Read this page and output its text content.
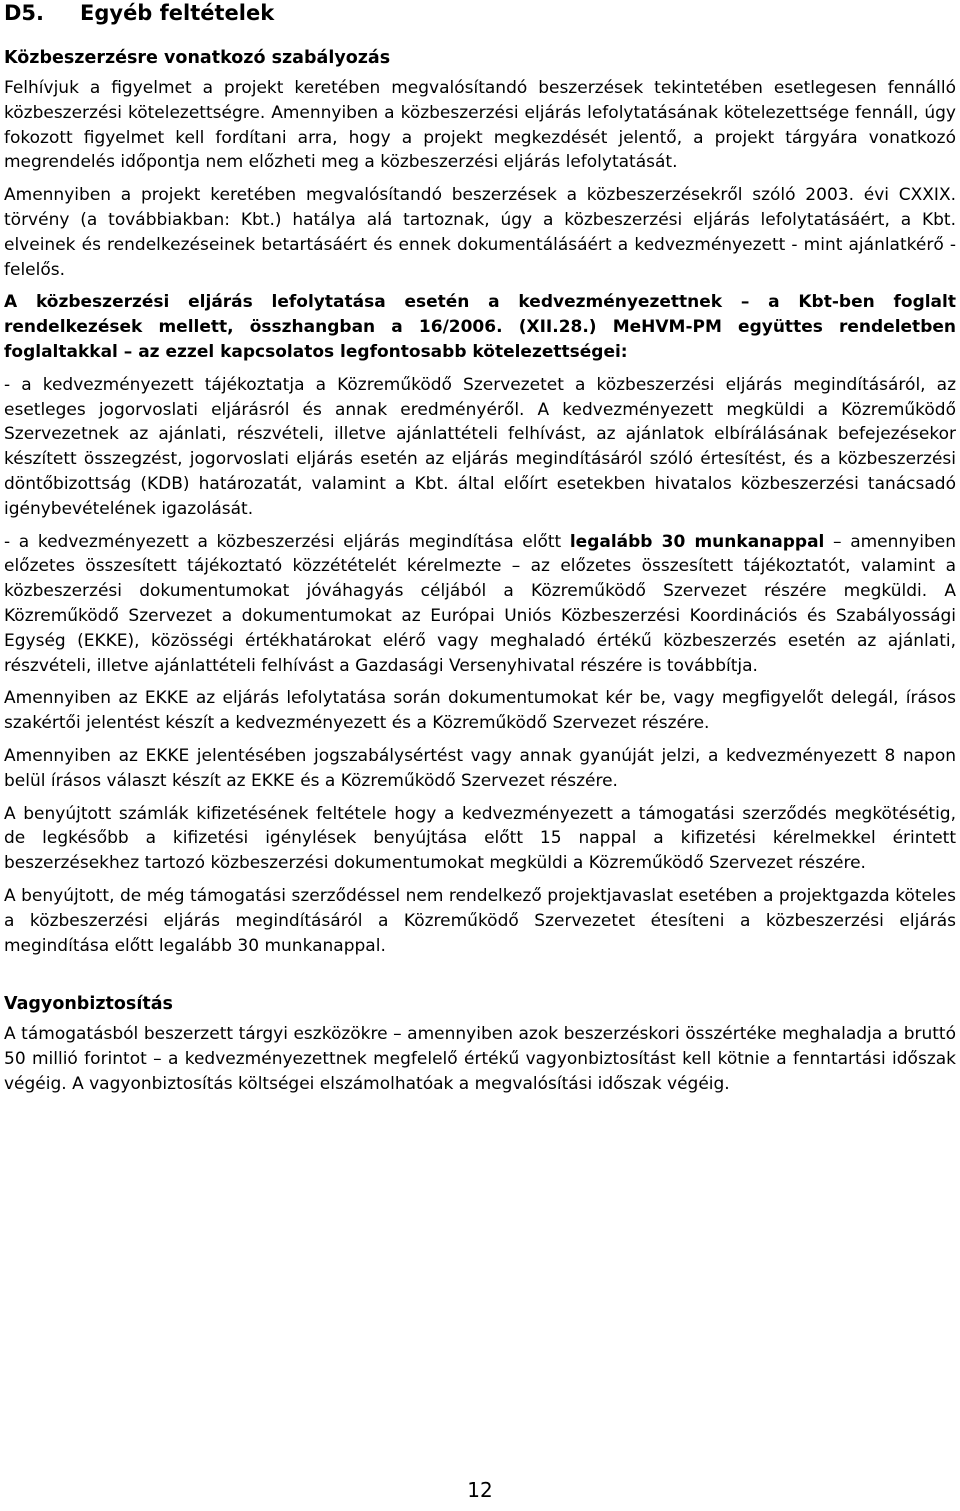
D5.	Egyéb feltételek
Közbeszerzésre vonatkozó szabályozás

Felhívjuk a figyelmet a projekt keretében megvalósítandó beszerzések tekintetében esetlegesen fennálló közbeszerzési kötelezettségre. Amennyiben a közbeszerzési eljárás lefolytatásának kötelezettsége fennáll, úgy fokozott figyelmet kell fordítani arra, hogy a projekt megkezdését jelentő, a projekt tárgyára vonatkozó megrendelés időpontja nem előzheti meg a közbeszerzési eljárás lefolytatását.

Amennyiben a projekt keretében megvalósítandó beszerzések a közbeszerzésekről szóló 2003. évi CXXIX. törvény (a továbbiakban: Kbt.) hatálya alá tartoznak, úgy a közbeszerzési eljárás lefolytatásáért, a Kbt. elveinek és rendelkezéseinek betartásáért és ennek dokumentálásáért a kedvezményezett - mint ajánlatkérő - felelős.

A közbeszerzési eljárás lefolytatása esetén a kedvezményezettnek – a Kbt-ben foglalt rendelkezések mellett, összhangban a 16/2006. (XII.28.) MeHVM-PM együttes rendeletben foglaltakkal – az ezzel kapcsolatos legfontosabb kötelezettségei:

- a kedvezményezett tájékoztatja a Közreműködő Szervezetet a közbeszerzési eljárás megindításáról, az esetleges jogorvoslati eljárásról és annak eredményéről. A kedvezményezett megküldi a Közreműködő Szervezetnek az ajánlati, részvételi, illetve ajánlattételi felhívást, az ajánlatok elbírálásának befejezésekor készített összegzést, jogorvoslati eljárás esetén az eljárás megindításáról szóló értesítést, és a közbeszerzési döntőbizottság (KDB) határozatát, valamint a Kbt. által előírt esetekben hivatalos közbeszerzési tanácsadó igénybevételének igazolását.

- a kedvezményezett a közbeszerzési eljárás megindítása előtt legalább 30 munkanappal – amennyiben előzetes összesített tájékoztató közzétételét kérelmezte – az előzetes összesített tájékoztatót, valamint a közbeszerzési dokumentumokat jóváhagyás céljából a Közreműködő Szervezet részére megküldi. A Közreműködő Szervezet a dokumentumokat az Európai Uniós Közbeszerzési Koordinációs és Szabályossági Egység (EKKE), közösségi értékhatárokat elérő vagy meghaladó értékű közbeszerzés esetén az ajánlati, részvételi, illetve ajánlattételi felhívást a Gazdasági Versenyhivatal részére is továbbítja.

Amennyiben az EKKE az eljárás lefolytatása során dokumentumokat kér be, vagy megfigyelőt delegál, írásos szakértői jelentést készít a kedvezményezett és a Közreműködő Szervezet részére.

Amennyiben az EKKE jelentésében jogszabálysértést vagy annak gyanúját jelzi, a kedvezményezett 8 napon belül írásos választ készít az EKKE és a Közreműködő Szervezet részére.

A benyújtott számlák kifizetésének feltétele hogy a kedvezményezett a támogatási szerződés megkötésétig, de legkésőbb a kifizetési igénylések benyújtása előtt 15 nappal a kifizetési kérelmekkel érintett beszerzésekhez tartozó közbeszerzési dokumentumokat megküldi a Közreműködő Szervezet részére.

A benyújtott, de még támogatási szerződéssel nem rendelkező projektjavaslat esetében a projektgazda köteles a közbeszerzési eljárás megindításáról a Közreműködő Szervezetet étesíteni a közbeszerzési eljárás megindítása előtt legalább 30 munkanappal.

Vagyonbiztosítás

A támogatásból beszerzett tárgyi eszközökre – amennyiben azok beszerzéskori összértéke meghaladja a bruttó 50 millió forintot – a kedvezményezettnek megfelelő értékű vagyonbiztosítást kell kötnie a fenntartási időszak végéig. A vagyonbiztosítás költségei elszámolhatóak a megvalósítási időszak végéig.

12
